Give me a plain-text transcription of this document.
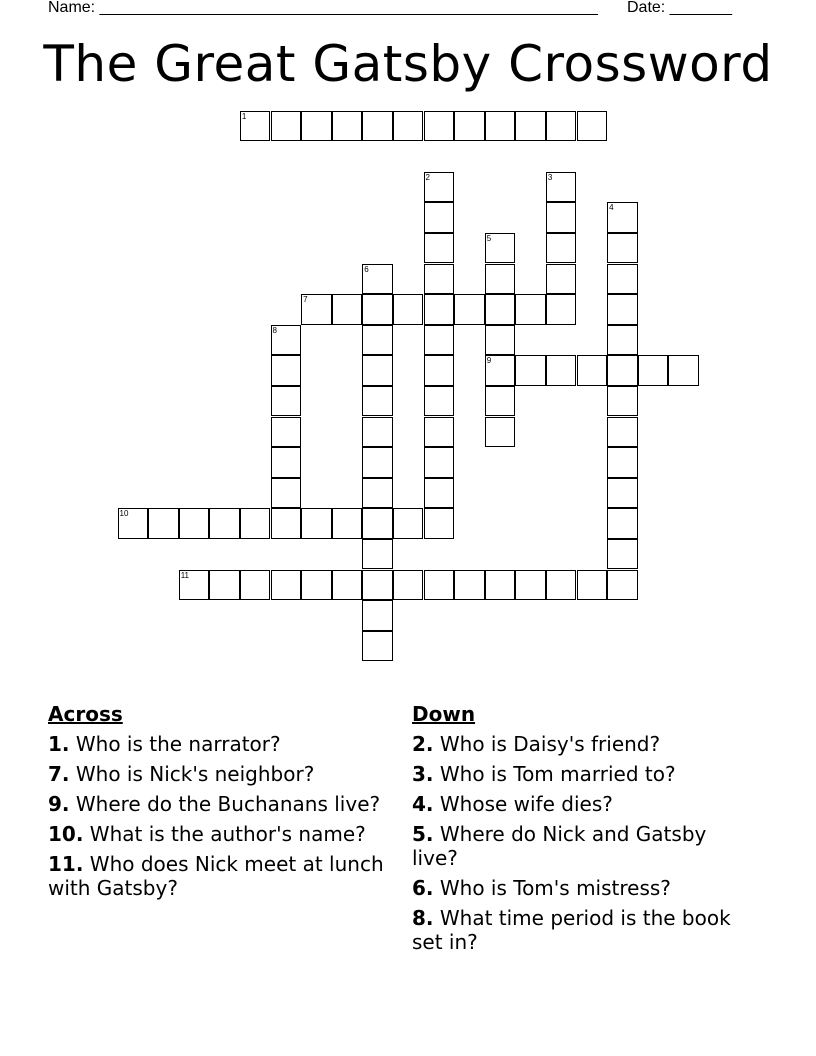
Name: ________________________________________________________ Date: _______
The Great Gatsby Crossword
1
2	3
4
5
9
6
7
8
10
11
Across
1. Who is the narrator?
7. Who is Nick's neighbor?
9. Where do the Buchanans live?
10. What is the author's name?
11. Who does Nick meet at lunch with Gatsby?
Down
2. Who is Daisy's friend?
3. Who is Tom married to?
4. Whose wife dies?
5. Where do Nick and Gatsby live?
6. Who is Tom's mistress?
8. What time period is the book set in?
